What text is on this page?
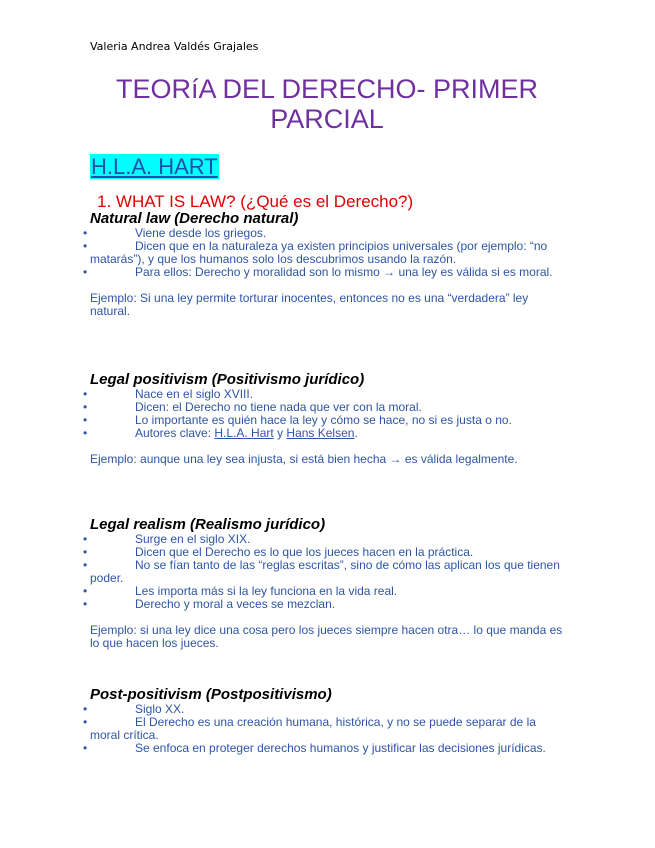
Valeria Andrea Valdés Grajales
TEORíA DEL DERECHO- PRIMER
PARCIAL
H.L.A. HART
1. WHAT IS LAW? (¿Qué es el Derecho?)

Natural law (Derecho natural)

•	Viene desde los griegos.

•	Dicen que en la naturaleza ya existen principios universales (por ejemplo: “no matarás”), y que los humanos solo los descubrimos usando la razón.

•	Para ellos: Derecho y moralidad son lo mismo → una ley es válida si es moral.

Ejemplo: Si una ley permite torturar inocentes, entonces no es una “verdadera” ley natural.

Legal positivism (Positivismo jurídico)

•	Nace en el siglo XVIII.

•	Dicen: el Derecho no tiene nada que ver con la moral.

•	Lo importante es quién hace la ley y cómo se hace, no si es justa o no.

•	Autores clave: H.L.A. Hart y Hans Kelsen.

Ejemplo: aunque una ley sea injusta, si está bien hecha → es válida legalmente.

Legal realism (Realismo jurídico)

•	Surge en el siglo XIX.

•	Dicen que el Derecho es lo que los jueces hacen en la práctica.

•	No se fían tanto de las “reglas escritas”, sino de cómo las aplican los que tienen poder.

•	Les importa más si la ley funciona en la vida real.

•	Derecho y moral a veces se mezclan.

Ejemplo: si una ley dice una cosa pero los jueces siempre hacen otra… lo que manda es lo que hacen los jueces.

Post-positivism (Postpositivismo)

•	Siglo XX.

•	El Derecho es una creación humana, histórica, y no se puede separar de la moral crítica.

•	Se enfoca en proteger derechos humanos y justificar las decisiones jurídicas.
